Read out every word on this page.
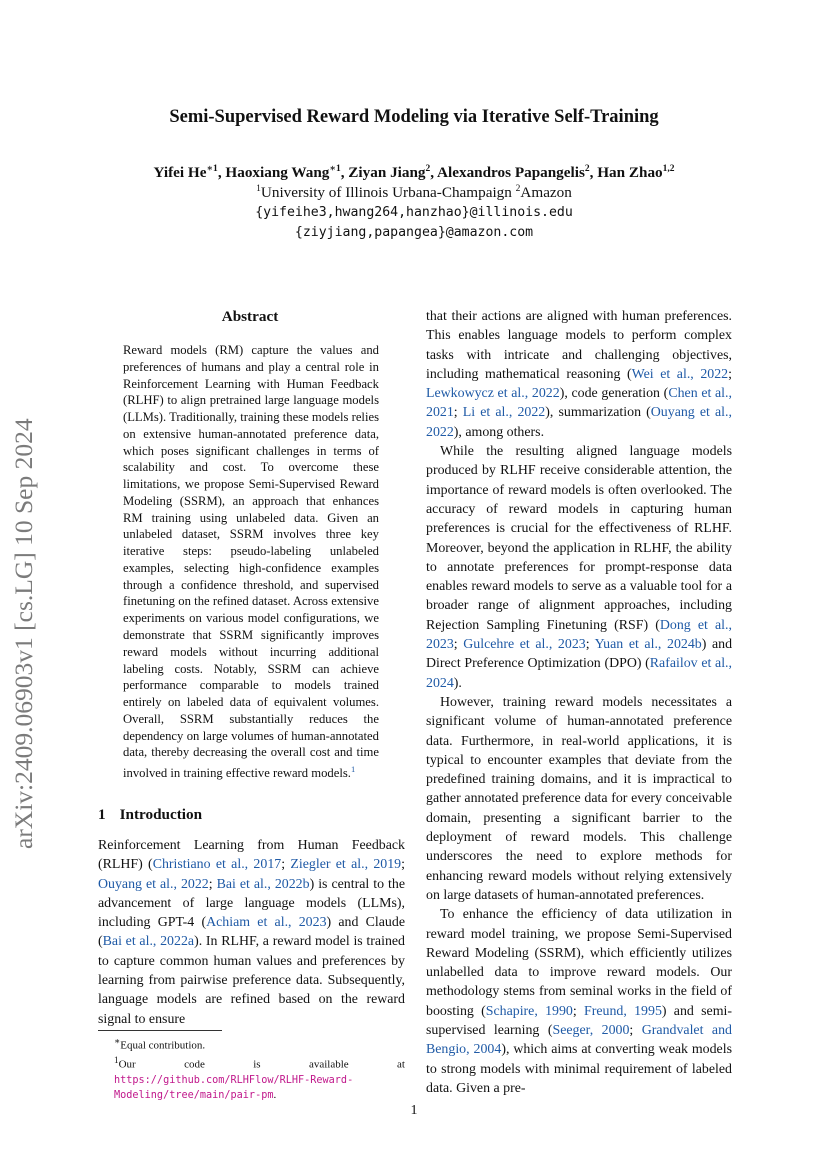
Semi-Supervised Reward Modeling via Iterative Self-Training
Yifei $He^{∗1}$, Haoxiang Wang$^{∗1}$, Ziyan Jiang$^2$, Alexandros Papangelis$^2$, Han Zhao$^{1,2}$
$^1$University of Illinois Urbana-Champaign $^2$Amazon
{yifeihe3,hwang264,hanzhao}@illinois.edu
{ziyjiang,papangea}@amazon.com
arXiv:2409.06903v1 [cs.LG] 10 Sep 2024
Abstract

Reward models (RM) capture the values and preferences of humans and play a central role in Reinforcement Learning with Human Feedback (RLHF) to align pretrained large language models (LLMs). Traditionally, training these models relies on extensive human-annotated preference data, which poses significant challenges in terms of scalability and cost. To overcome these limitations, we propose Semi-Supervised Reward Modeling (SSRM), an approach that enhances RM training using unlabeled data. Given an unlabeled dataset, SSRM involves three key iterative steps: pseudo-labeling unlabeled examples, selecting high-confidence examples through a confidence threshold, and supervised finetuning on the refined dataset. Across extensive experiments on various model configurations, we demonstrate that SSRM significantly improves reward models without incurring additional labeling costs. Notably, SSRM can achieve performance comparable to models trained entirely on labeled data of equivalent volumes. Overall, SSRM substantially reduces the dependency on large volumes of human-annotated data, thereby decreasing the overall cost and time involved in training effective reward models.$^1$

1 Introduction

Reinforcement Learning from Human Feedback (RLHF) (Christiano et al., 2017; Ziegler et al., 2019; Ouyang et al., 2022; Bai et al., 2022b) is central to the advancement of large language models (LLMs), including GPT-4 (Achiam et al., 2023) and Claude (Bai et al., 2022a). In RLHF, a reward model is trained to capture common human values and preferences by learning from pairwise preference data. Subsequently, language models are refined based on the reward signal to ensure

that their actions are aligned with human preferences. This enables language models to perform complex tasks with intricate and challenging objectives, including mathematical reasoning (Wei et al., 2022; Lewkowycz et al., 2022), code generation (Chen et al., 2021; Li et al., 2022), summarization (Ouyang et al., 2022), among others.

While the resulting aligned language models produced by RLHF receive considerable attention, the importance of reward models is often overlooked. The accuracy of reward models in capturing human preferences is crucial for the effectiveness of RLHF. Moreover, beyond the application in RLHF, the ability to annotate preferences for prompt-response data enables reward models to serve as a valuable tool for a broader range of alignment approaches, including Rejection Sampling Finetuning (RSF) (Dong et al., 2023; Gulcehre et al., 2023; Yuan et al., 2024b) and Direct Preference Optimization (DPO) (Rafailov et al., 2024).

However, training reward models necessitates a significant volume of human-annotated preference data. Furthermore, in real-world applications, it is typical to encounter examples that deviate from the predefined training domains, and it is impractical to gather annotated preference data for every conceivable domain, presenting a significant barrier to the deployment of reward models. This challenge underscores the need to explore methods for enhancing reward models without relying extensively on large datasets of human-annotated preferences.

To enhance the efficiency of data utilization in reward model training, we propose Semi-Supervised Reward Modeling (SSRM), which efficiently utilizes unlabelled data to improve reward models. Our methodology stems from seminal works in the field of boosting (Schapire, 1990; Freund, 1995) and semi-supervised learning (Seeger, 2000; Grandvalet and Bengio, 2004), which aims at converting weak models to strong models with minimal requirement of labeled data. Given a pre-

∗Equal contribution.
$^1$Our code is available at https://github.com/RLHFlow/RLHF-Reward-Modeling/tree/main/pair-pm.
1
